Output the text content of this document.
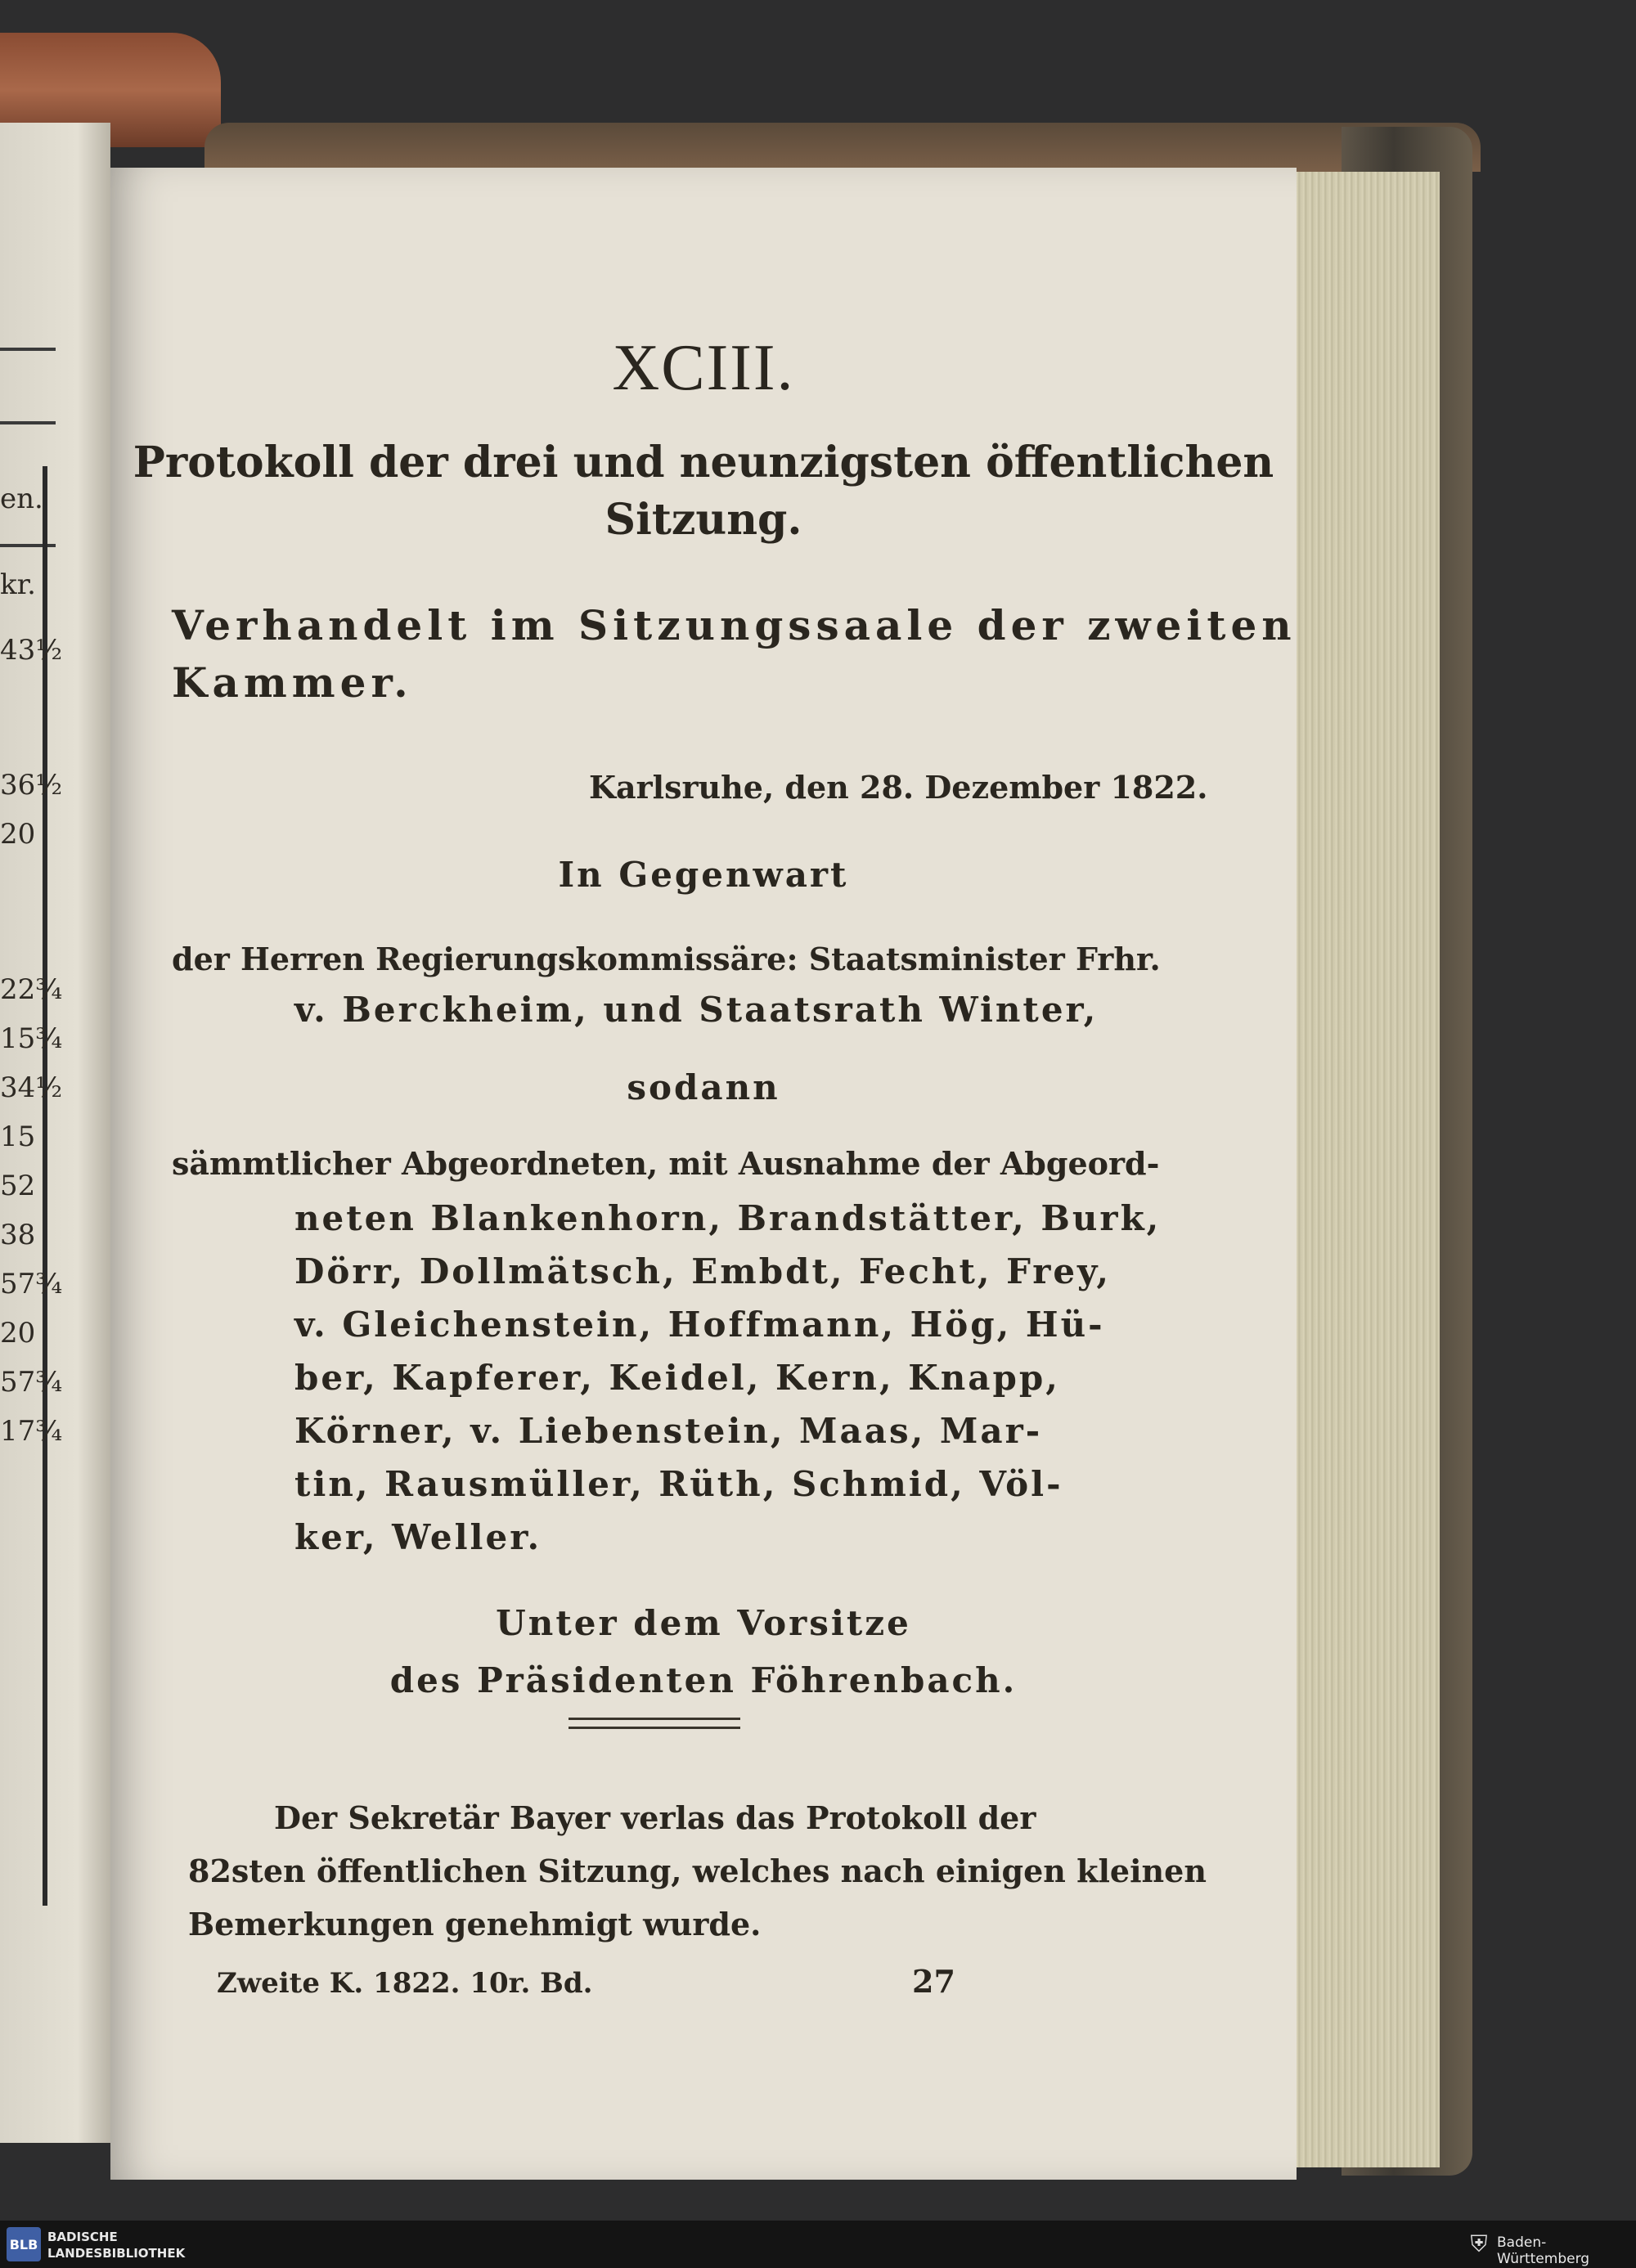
en.
kr.
43½
36½
20
22¾
15¾
34½
15
52
38
57¾
20
57¾
17¾
XCIII.
Protokoll der drei und neunzigsten öffentlichen
Sitzung.
Verhandelt im Sitzungssaale der zweiten
Kammer.
Karlsruhe, den 28. Dezember 1822.
In Gegenwart
der Herren Regierungskommissäre: Staatsminister Frhr.
v. Berckheim, und Staatsrath Winter,
sodann
sämmtlicher Abgeordneten, mit Ausnahme der Abgeord-
neten Blankenhorn, Brandstätter, Burk,
Dörr, Dollmätsch, Embdt, Fecht, Frey,
v. Gleichenstein, Hoffmann, Hög, Hü-
ber, Kapferer, Keidel, Kern, Knapp,
Körner, v. Liebenstein, Maas, Mar-
tin, Rausmüller, Rüth, Schmid, Völ-
ker, Weller.
Unter dem Vorsitze
des Präsidenten Föhrenbach.
Der Sekretär Bayer verlas das Protokoll der
82sten öffentlichen Sitzung, welches nach einigen kleinen
Bemerkungen genehmigt wurde.
Zweite K. 1822. 10r. Bd.	27
BLB BADISCHE
LANDESBIBLIOTHEK	⛨ Baden-Württemberg
